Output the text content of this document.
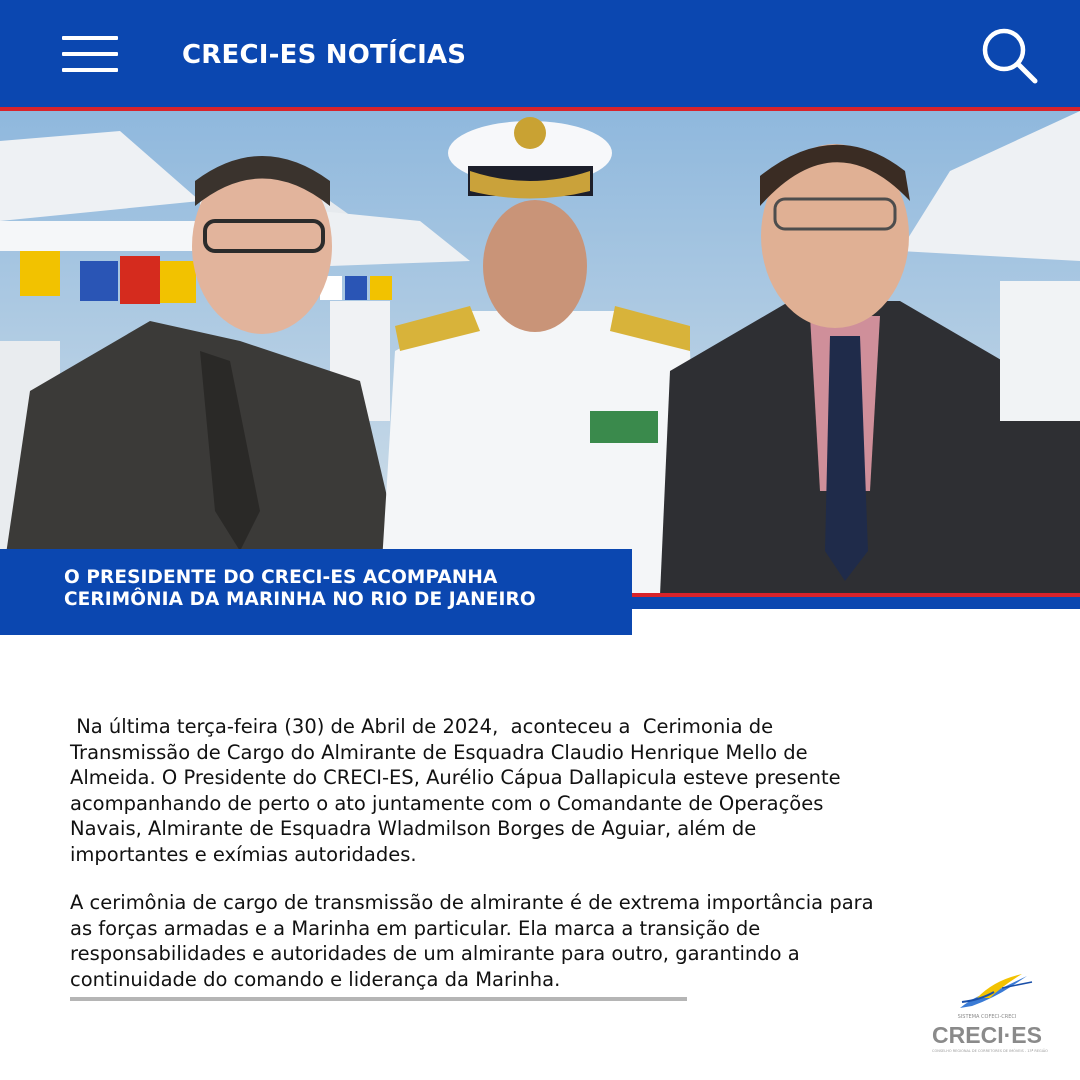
CRECI-ES NOTÍCIAS
O PRESIDENTE DO CRECI-ES ACOMPANHA
CERIMÔNIA DA MARINHA NO RIO DE JANEIRO
Na última terça-feira (30) de Abril de 2024,  aconteceu a  Cerimonia de
Transmissão de Cargo do Almirante de Esquadra Claudio Henrique Mello de
Almeida. O Presidente do CRECI-ES, Aurélio Cápua Dallapicula esteve presente
acompanhando de perto o ato juntamente com o Comandante de Operações
Navais, Almirante de Esquadra Wladmilson Borges de Aguiar, além de
importantes e exímias autoridades.
A cerimônia de cargo de transmissão de almirante é de extrema importância para
as forças armadas e a Marinha em particular. Ela marca a transição de
responsabilidades e autoridades de um almirante para outro, garantindo a
continuidade do comando e liderança da Marinha.
SISTEMA COFECI-CRECI
CRECI·ES
CONSELHO REGIONAL DE CORRETORES DE IMÓVEIS - 13ª REGIÃO
